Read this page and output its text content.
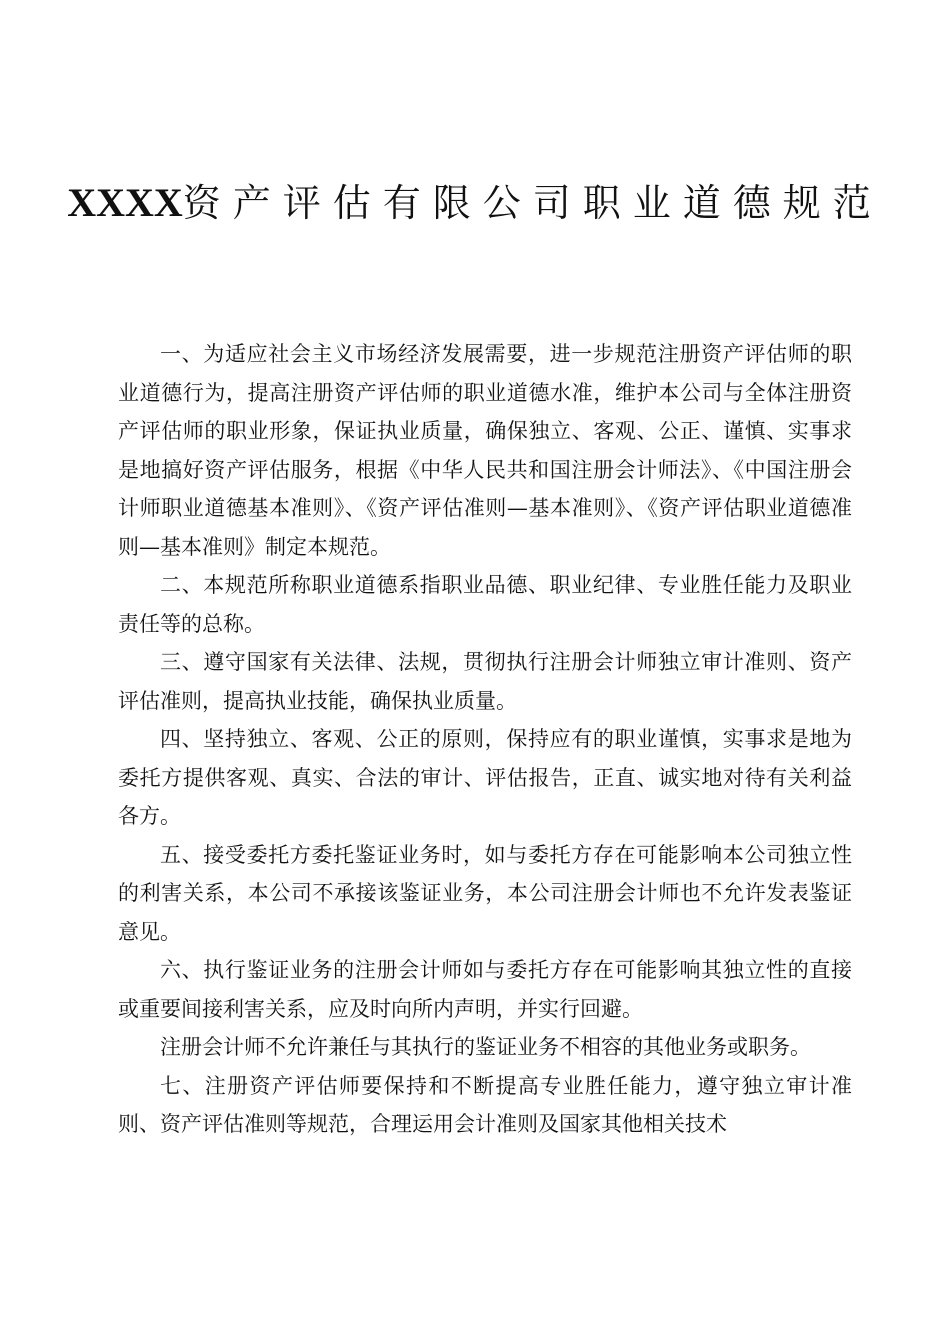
XXXX资产评估有限公司职业道德规范

一、为适应社会主义市场经济发展需要，进一步规范注册资产评估师的职业道德行为，提高注册资产评估师的职业道德水准，维护本公司与全体注册资产评估师的职业形象，保证执业质量，确保独立、客观、公正、谨慎、实事求是地搞好资产评估服务，根据《中华人民共和国注册会计师法》、《中国注册会计师职业道德基本准则》、《资产评估准则—基本准则》、《资产评估职业道德准则—基本准则》制定本规范。

二、本规范所称职业道德系指职业品德、职业纪律、专业胜任能力及职业责任等的总称。

三、遵守国家有关法律、法规，贯彻执行注册会计师独立审计准则、资产评估准则，提高执业技能，确保执业质量。

四、坚持独立、客观、公正的原则，保持应有的职业谨慎，实事求是地为委托方提供客观、真实、合法的审计、评估报告，正直、诚实地对待有关利益各方。

五、接受委托方委托鉴证业务时，如与委托方存在可能影响本公司独立性的利害关系，本公司不承接该鉴证业务，本公司注册会计师也不允许发表鉴证意见。

六、执行鉴证业务的注册会计师如与委托方存在可能影响其独立性的直接或重要间接利害关系，应及时向所内声明，并实行回避。

注册会计师不允许兼任与其执行的鉴证业务不相容的其他业务或职务。

七、注册资产评估师要保持和不断提高专业胜任能力，遵守独立审计准则、资产评估准则等规范，合理运用会计准则及国家其他相关技术
